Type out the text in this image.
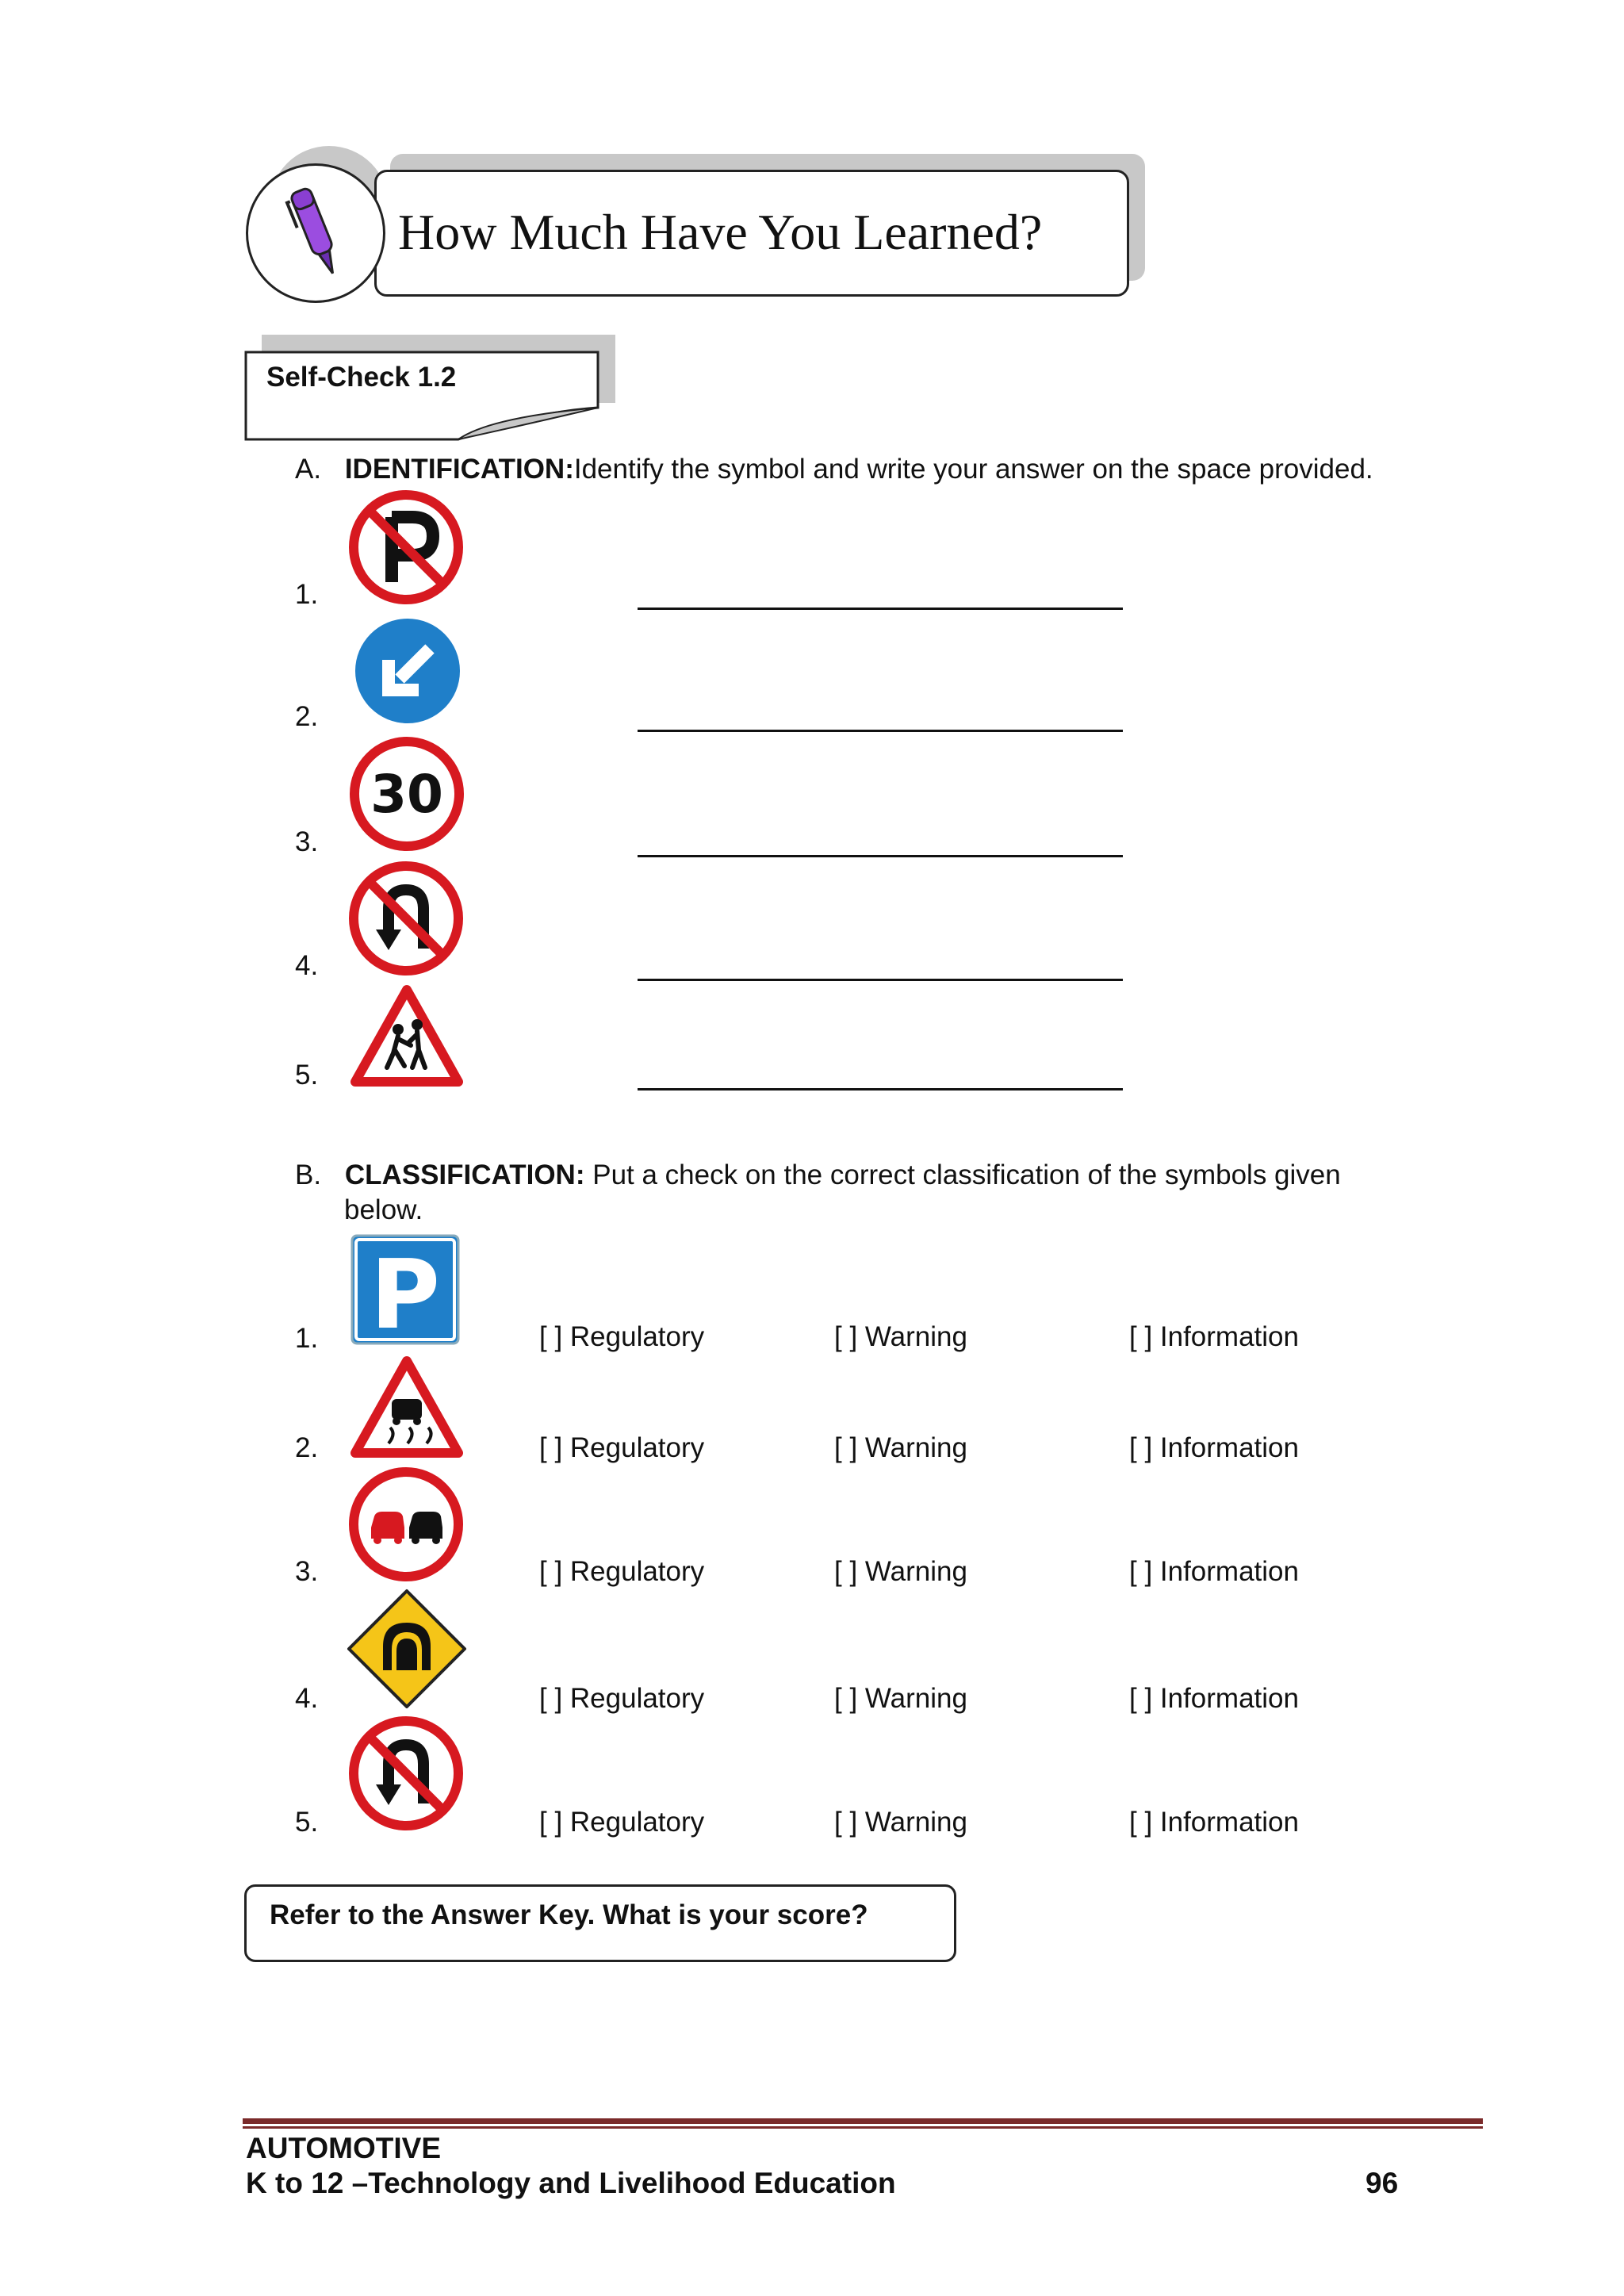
How Much Have You Learned?
Self-Check 1.2
A. IDENTIFICATION:Identify the symbol and write your answer on the space provided.
1.
2.
3.
30
4.
5.
B. CLASSIFICATION: Put a check on the correct classification of the symbols given
below.
1. P	[ ] Regulatory	[ ] Warning	[ ] Information
2.	[ ] Regulatory	[ ] Warning	[ ] Information
3.	[ ] Regulatory	[ ] Warning	[ ] Information
4.	[ ] Regulatory	[ ] Warning	[ ] Information
5.	[ ] Regulatory	[ ] Warning	[ ] Information
Refer to the Answer Key. What is your score?
AUTOMOTIVE
K to 12 –Technology and Livelihood Education	96
